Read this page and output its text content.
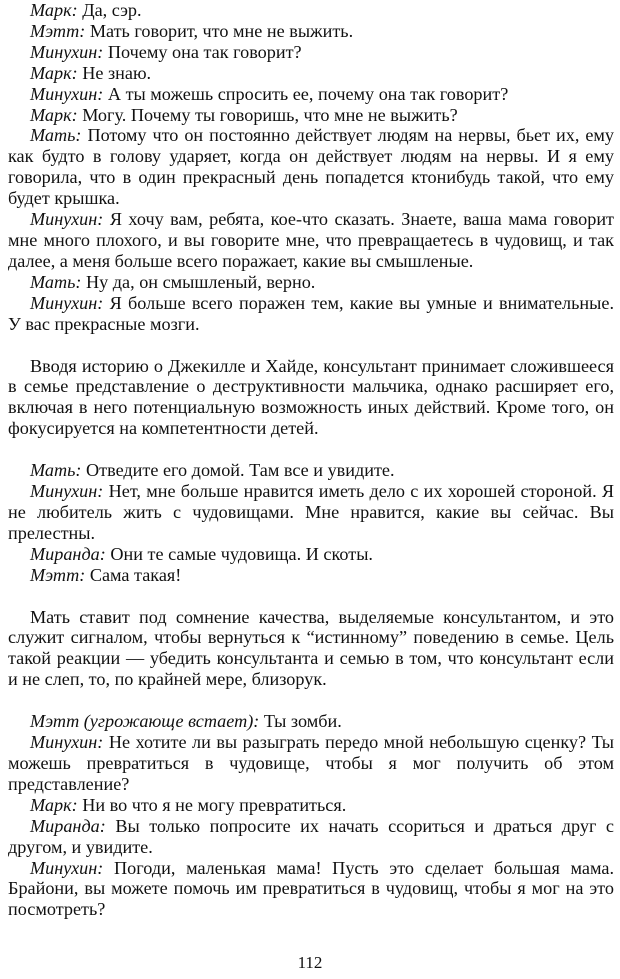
Марк: Да, сэр.
Мэтт: Мать говорит, что мне не выжить.
Минухин: Почему она так говорит?
Марк: Не знаю.
Минухин: А ты можешь спросить ее, почему она так говорит?
Марк: Могу. Почему ты говоришь, что мне не выжить?
Мать: Потому что он постоянно действует людям на нервы, бьет их, ему как будто в голову ударяет, когда он действует людям на нервы. И я ему говорила, что в один прекрасный день попадется ктонибудь такой, что ему будет крышка.
Минухин: Я хочу вам, ребята, кое-что сказать. Знаете, ваша мама говорит мне много плохого, и вы говорите мне, что превращаетесь в чудовищ, и так далее, а меня больше всего поражает, какие вы смышленые.
Мать: Ну да, он смышленый, верно.
Минухин: Я больше всего поражен тем, какие вы умные и внимательные. У вас прекрасные мозги.
Вводя историю о Джекилле и Хайде, консультант принимает сложившееся в семье представление о деструктивности мальчика, однако расширяет его, включая в него потенциальную возможность иных действий. Кроме того, он фокусируется на компетентности детей.
Мать: Отведите его домой. Там все и увидите.
Минухин: Нет, мне больше нравится иметь дело с их хорошей стороной. Я не любитель жить с чудовищами. Мне нравится, какие вы сейчас. Вы прелестны.
Миранда: Они те самые чудовища. И скоты.
Мэтт: Сама такая!
Мать ставит под сомнение качества, выделяемые консультантом, и это служит сигналом, чтобы вернуться к “истинному” поведению в семье. Цель такой реакции — убедить консультанта и семью в том, что консультант если и не слеп, то, по крайней мере, близорук.
Мэтт (угрожающе встает): Ты зомби.
Минухин: Не хотите ли вы разыграть передо мной небольшую сценку? Ты можешь превратиться в чудовище, чтобы я мог получить об этом представление?
Марк: Ни во что я не могу превратиться.
Миранда: Вы только попросите их начать ссориться и драться друг с другом, и увидите.
Минухин: Погоди, маленькая мама! Пусть это сделает большая мама. Брайони, вы можете помочь им превратиться в чудовищ, чтобы я мог на это посмотреть?
112
